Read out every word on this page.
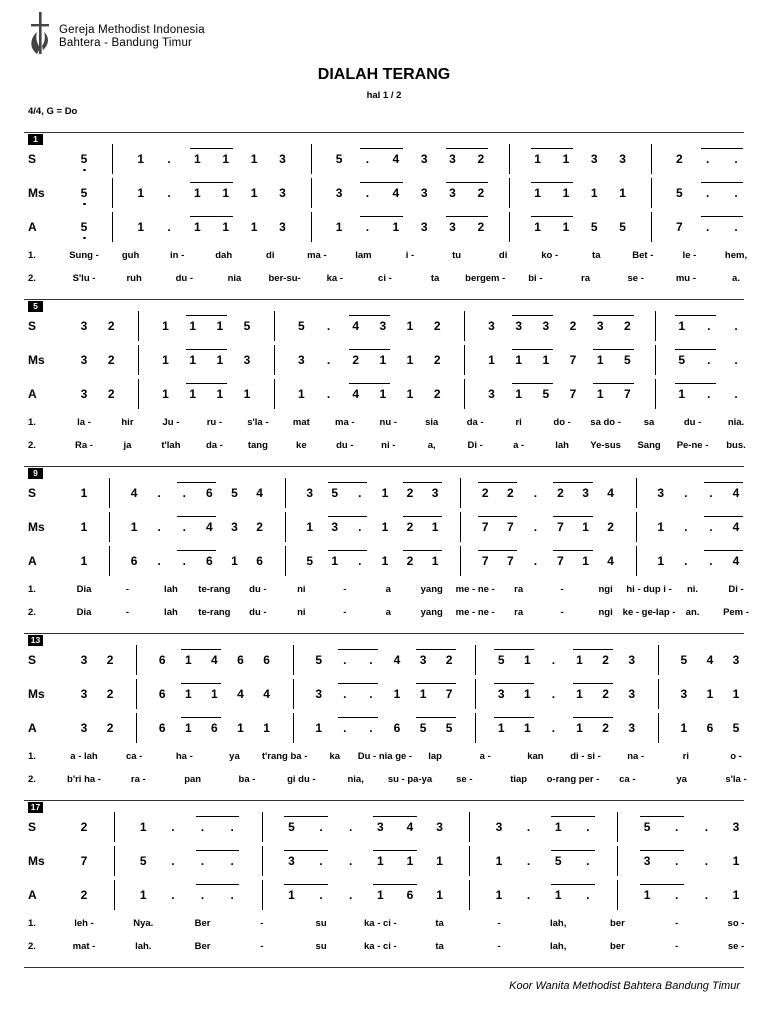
Gereja Methodist Indonesia
Bahtera - Bandung Timur
DIALAH TERANG
hal 1 / 2
4/4, G = Do
1
S	5	1	.	1	1	1	3	5	.	4	3	3	2	1	1	3	3	2	.	.
Ms	5	1	.	1	1	1	3	3	.	4	3	3	2	1	1	1	1	5	.	.
A	5	1	.	1	1	1	3	1	.	1	3	3	2	1	1	5	5	7	.	.
1.	Sung - guh	in -	dah	di	ma -	lam	i -	tu	di	ko -	ta	Bet -	le -	hem,
2.	S'lu -	ruh	du -	nia	ber-su-	ka -	ci -	ta	bergem - bi -	ra	se -	mu -	a.
5
S	3	2	1	1	1	5	5	.	4	3	1	2	3	3	3	2	3	2	1	.	.
Ms	3	2	1	1	1	3	3	.	2	1	1	2	1	1	1	7	1	5	5	.	.
A	3	2	1	1	1	1	1	.	4	1	1	2	3	1	5	7	1	7	1	.	.
1.	la -	hir	Ju -	ru -	s'la -	mat	ma -	nu -	sia	da -	ri	do - sa do - sa	du -	nia.
2.	Ra -	ja	t'lah	da -	tang	ke	du -	ni -	a,	Di -	a -	lah Ye-sus Sang Pe-ne - bus.
9
S	1	4	.	.	6	5	4	3	5	.	1	2	3	2	2	.	2	3	4	3	.	.	4
Ms	1	1	.	.	4	3	2	1	3	.	1	2	1	7	7	.	7	1	2	1	.	.	4
A	1	6	.	.	6	1	6	5	1	.	1	2	1	7	7	.	7	1	4	1	.	.	4
1.	Dia	-	lah te-rang du -	ni	-	a	yang me - ne - ra	-	ngi hi - dup i - ni.	Di -
2.	Dia	-	lah te-rang du -	ni	-	a	yang me - ne - ra	-	ngi ke - ge-lap - an. Pem -
13
S	3	2	6	1	4	6	6	5	.	.	4	3	2	5	1	.	1	2	3	5	4	3
Ms	3	2	6	1	1	4	4	3	.	.	1	1	7	3	1	.	1	2	3	3	1	1
A	3	2	6	1	6	1	1	1	.	.	6	5	5	1	1	.	1	2	3	1	6	5
1.	a - lah	ca -	ha -	ya t'rang ba - ka Du - nia ge - lap	a -	kan	di - si -	na -	ri	o -
2.	b'ri ha -	ra -	pan	ba -	gi du -	nia,	su - pa-ya	se -	tiap o-rang per - ca -	ya	s'la -
17
S	2	1	.	.	.	5	.	.	3	4	3	3	.	1	.	5	.	.	3
Ms	7	5	.	.	.	3	.	.	1	1	1	1	.	5	.	3	.	.	1
A	2	1	.	.	.	1	.	.	1	6	1	1	.	1	.	1	.	.	1
1.	leh -	Nya.	Ber	-	su	ka - ci -	ta	-	lah,	ber	-	so -
2.	mat -	lah.	Ber	-	su	ka - ci -	ta	-	lah,	ber	-	se -
Koor Wanita Methodist Bahtera Bandung Timur
